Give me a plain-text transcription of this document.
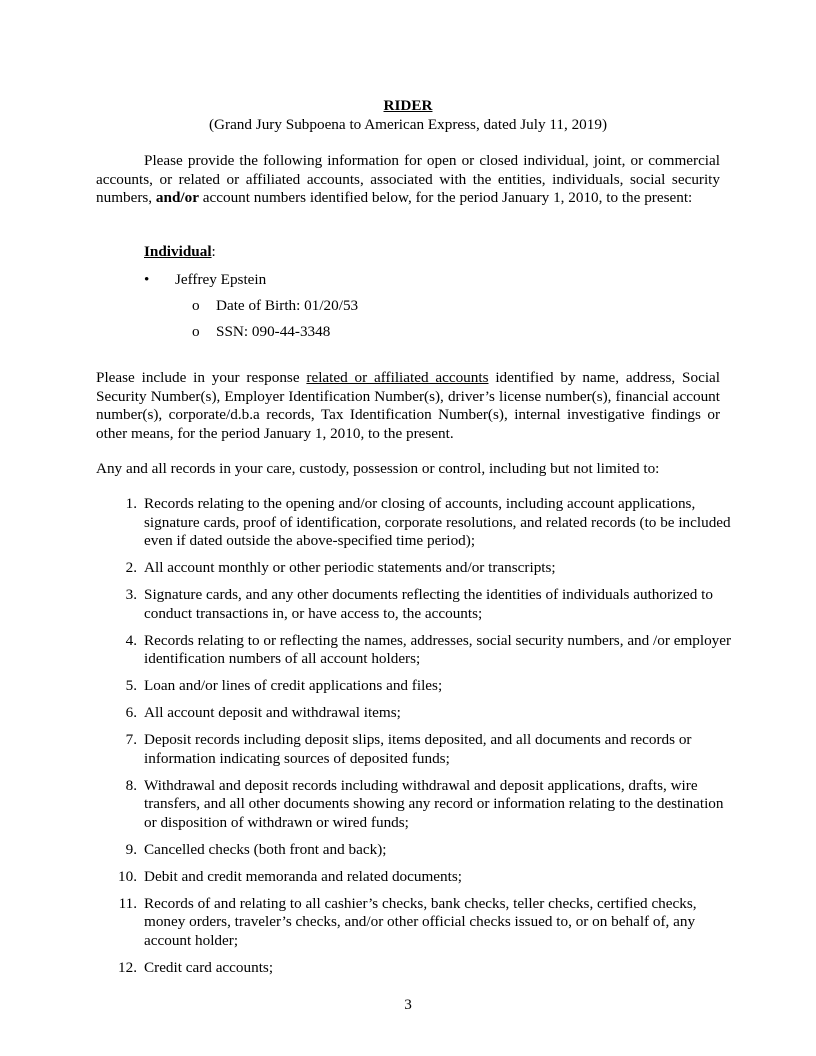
RIDER
(Grand Jury Subpoena to American Express, dated July 11, 2019)
Please provide the following information for open or closed individual, joint, or commercial accounts, or related or affiliated accounts, associated with the entities, individuals, social security numbers, and/or account numbers identified below, for the period January 1, 2010, to the present:
Individual:
• Jeffrey Epstein
o Date of Birth: 01/20/53
o SSN: 090-44-3348
Please include in your response related or affiliated accounts identified by name, address, Social Security Number(s), Employer Identification Number(s), driver’s license number(s), financial account number(s), corporate/d.b.a records, Tax Identification Number(s), internal investigative findings or other means, for the period January 1, 2010, to the present.
Any and all records in your care, custody, possession or control, including but not limited to:
1. Records relating to the opening and/or closing of accounts, including account applications, signature cards, proof of identification, corporate resolutions, and related records (to be included even if dated outside the above-specified time period);
2. All account monthly or other periodic statements and/or transcripts;
3. Signature cards, and any other documents reflecting the identities of individuals authorized to conduct transactions in, or have access to, the accounts;
4. Records relating to or reflecting the names, addresses, social security numbers, and /or employer  identification numbers of all account holders;
5. Loan and/or lines of credit applications and files;
6. All account deposit and withdrawal items;
7. Deposit records including deposit slips, items deposited, and all documents and records or information indicating sources of deposited funds;
8. Withdrawal and deposit records including withdrawal and deposit applications, drafts, wire transfers, and all other documents showing any record or information relating to the destination or disposition of withdrawn or wired funds;
9. Cancelled checks (both front and back);
10. Debit and credit memoranda and related documents;
11. Records of and relating to all cashier’s checks, bank checks, teller checks, certified checks, money orders, traveler’s checks, and/or other official checks issued to, or on behalf of, any account holder;
12. Credit card accounts;
3
